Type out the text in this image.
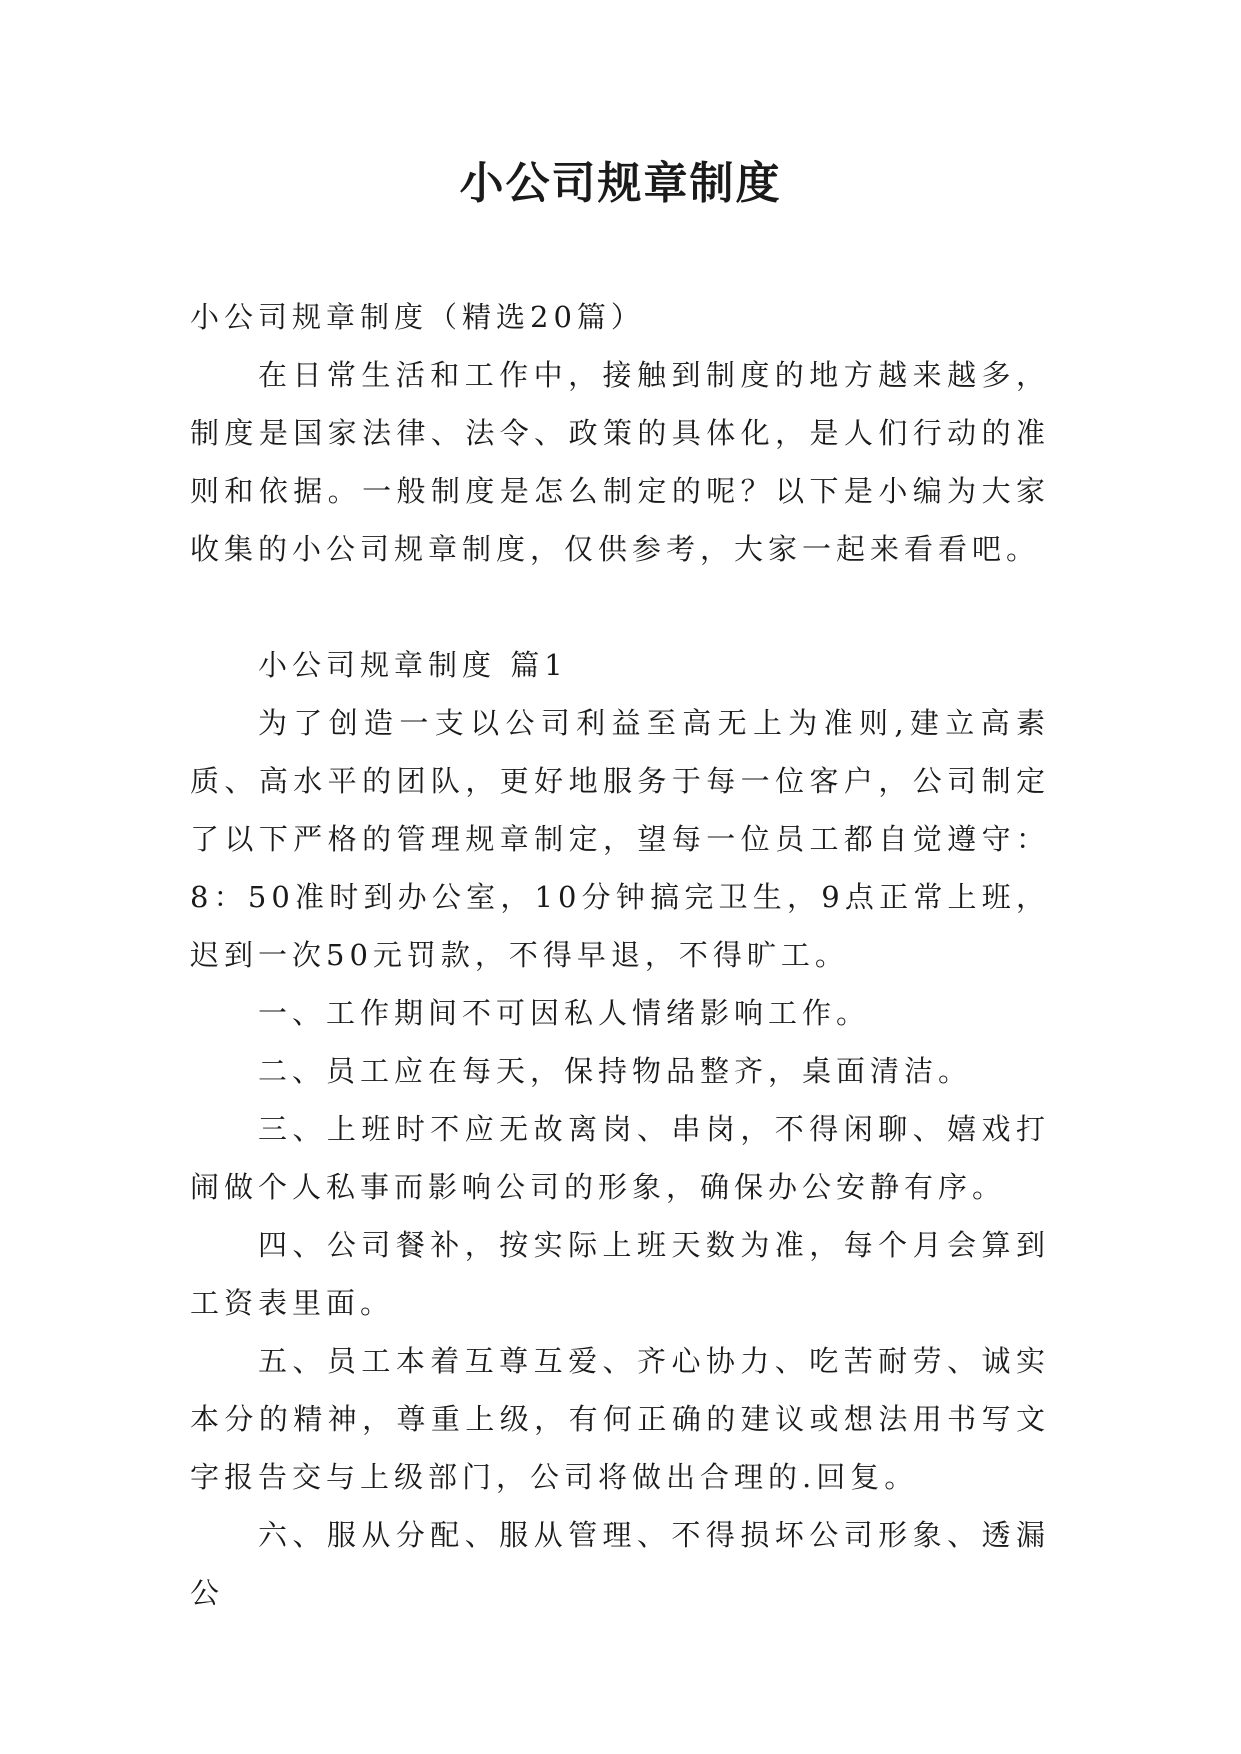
小公司规章制度

小公司规章制度（精选20篇）

在日常生活和工作中，接触到制度的地方越来越多，制度是国家法律、法令、政策的具体化，是人们行动的准则和依据。一般制度是怎么制定的呢？以下是小编为大家收集的小公司规章制度，仅供参考，大家一起来看看吧。

小公司规章制度 篇1

为了创造一支以公司利益至高无上为准则,建立高素质、高水平的团队，更好地服务于每一位客户，公司制定了以下严格的管理规章制定，望每一位员工都自觉遵守：8：50准时到办公室，10分钟搞完卫生，9点正常上班，迟到一次50元罚款，不得早退，不得旷工。

一、工作期间不可因私人情绪影响工作。

二、员工应在每天，保持物品整齐，桌面清洁。

三、上班时不应无故离岗、串岗，不得闲聊、嬉戏打闹做个人私事而影响公司的形象，确保办公安静有序。

四、公司餐补，按实际上班天数为准，每个月会算到工资表里面。

五、员工本着互尊互爱、齐心协力、吃苦耐劳、诚实本分的精神，尊重上级，有何正确的建议或想法用书写文字报告交与上级部门，公司将做出合理的.回复。

六、服从分配、服从管理、不得损坏公司形象、透漏公
